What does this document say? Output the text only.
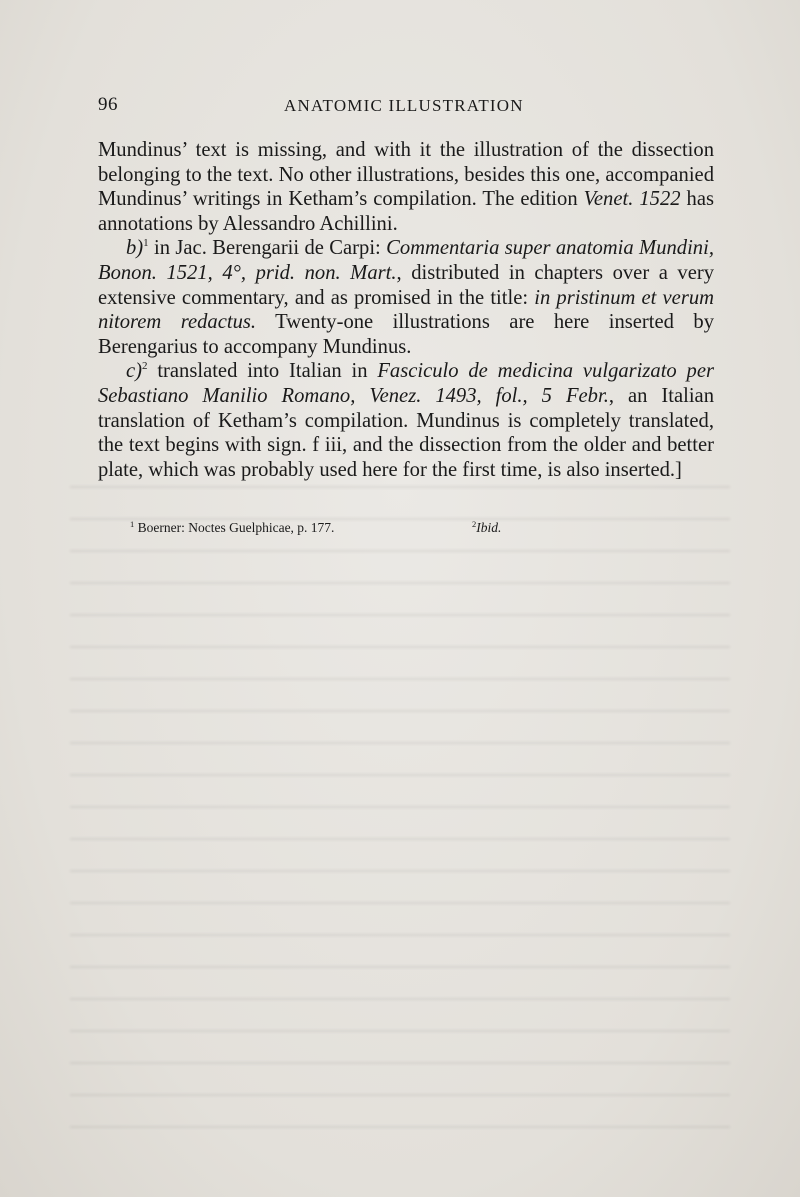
96	ANATOMIC ILLUSTRATION

Mundinus’ text is missing, and with it the illustration of the dissection belonging to the text. No other illustrations, besides this one, accompanied Mundinus’ writings in Ketham’s compilation. The edition Venet. 1522 has annotations by Alessandro Achillini.

b)$^1$ in Jac. Berengarii de Carpi: Commentaria super anatomia Mundini, Bonon. 1521, 4°, prid. non. Mart., distributed in chapters over a very extensive commentary, and as promised in the title: in pristinum et verum nitorem redactus. Twenty-one illustrations are here inserted by Berengarius to accompany Mundinus.

c)$^2$ translated into Italian in Fasciculo de medicina vulgarizato per Sebastiano Manilio Romano, Venez. 1493, fol., 5 Febr., an Italian translation of Ketham’s compilation. Mundinus is completely translated, the text begins with sign. f iii, and the dissection from the older and better plate, which was probably used here for the first time, is also inserted.]

$^1$ Boerner: Noctes Guelphicae, p. 177.	$^2$Ibid.
